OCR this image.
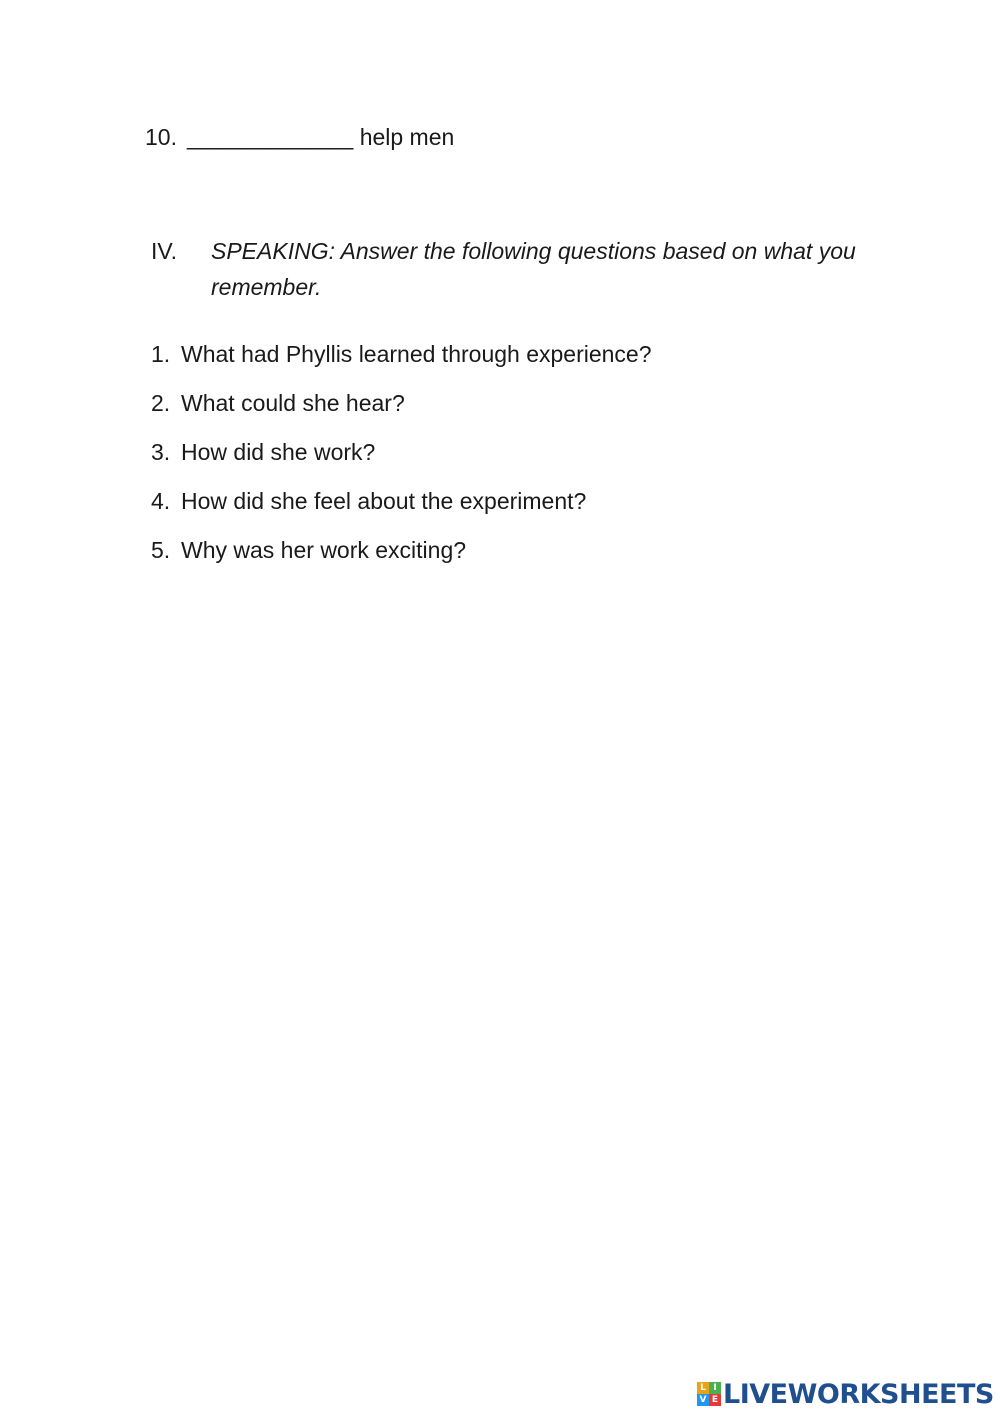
10. _____________ help men
IV. SPEAKING: Answer the following questions based on what you remember.
1. What had Phyllis learned through experience?
2. What could she hear?
3. How did she work?
4. How did she feel about the experiment?
5. Why was her work exciting?
L I
V E LIVEWORKSHEETS
